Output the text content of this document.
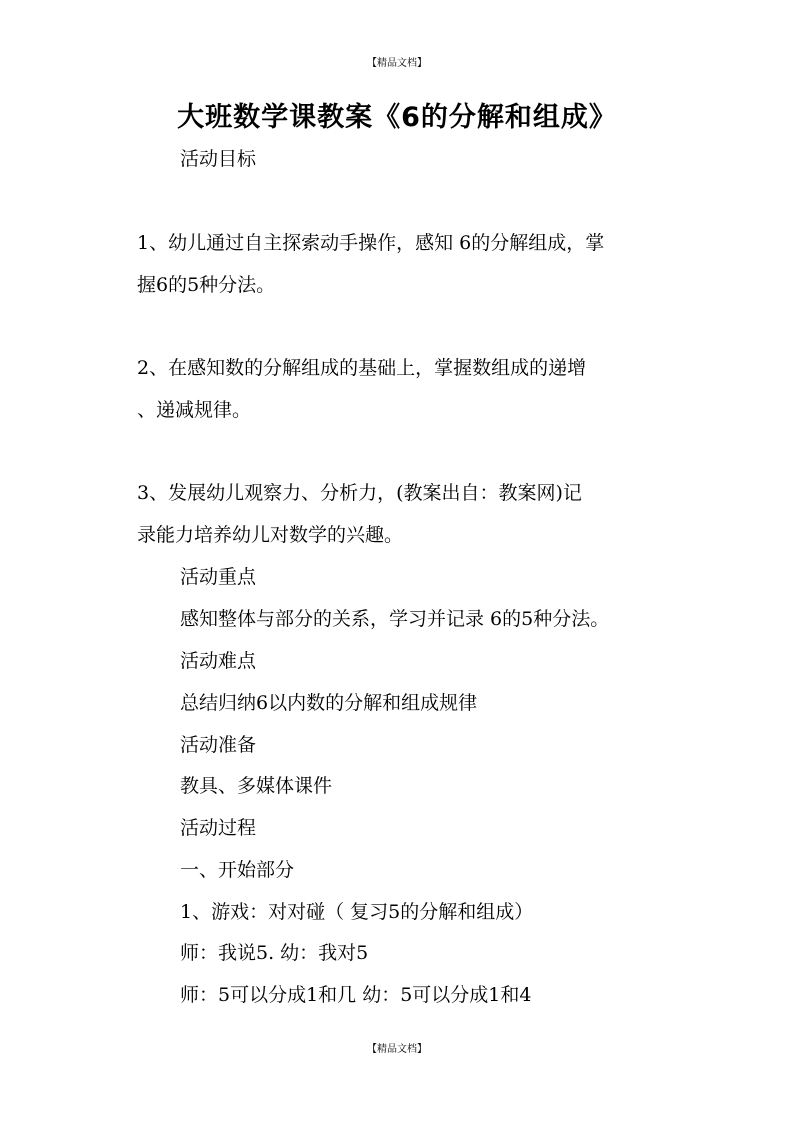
【精品文档】
大班数学课教案《6的分解和组成》
活动目标
1、幼儿通过自主探索动手操作，感知 6的分解组成，掌
握6的5种分法。
2、在感知数的分解组成的基础上，掌握数组成的递增
、递减规律。
3、发展幼儿观察力、分析力，(教案出自：教案网)记
录能力培养幼儿对数学的兴趣。
活动重点
感知整体与部分的关系，学习并记录 6的5种分法。
活动难点
总结归纳6以内数的分解和组成规律
活动准备
教具、多媒体课件
活动过程
一、开始部分
1、游戏：对对碰（ 复习5的分解和组成）
师：我说5. 幼：我对5
师：5可以分成1和几 幼：5可以分成1和4
【精品文档】
